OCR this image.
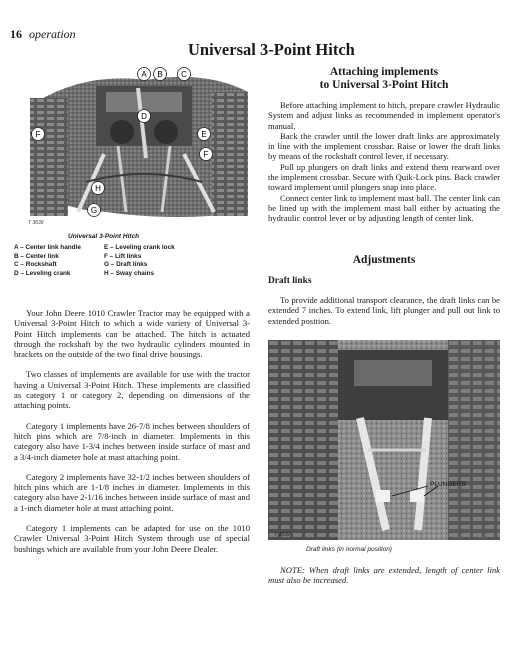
16 operation
Universal 3-Point Hitch
A B C
D
E
F
F
G
H
T 3639
Universal 3-Point Hitch
A – Center link handle
B – Center link
C – Rockshaft
D – Leveling crank
E – Leveling crank lock
F – Lift links
G – Draft links
H – Sway chains

Your John Deere 1010 Crawler Tractor may be equipped with a Universal 3-Point Hitch to which a wide variety of Universal 3-Point Hitch implements can be attached. The hitch is actuated through the rockshaft by the two hydraulic cylinders mounted in brackets on the outside of the two final drive housings.

Two classes of implements are available for use with the tractor having a Universal 3-Point Hitch. These implements are classified as category 1 or category 2, depending on dimensions of the attaching points.

Category 1 implements have 26-7/8 inches between shoulders of hitch pins which are 7/8-inch in diameter. Implements in this category also have 1-3/4 inches between inside surface of mast and a 3/4-inch diameter hole at mast attaching point.

Category 2 implements have 32-1/2 inches between shoulders of hitch pins which are 1-1/8 inches in diameter. Implements in this category also have 2-1/16 inches between inside surface of mast and a 1-inch diameter hole at mast attaching point.

Category 1 implements can be adapted for use on the 1010 Crawler Universal 3-Point Hitch System through use of special bushings which are available from your John Deere Dealer.

Attaching implements
to Universal 3-Point Hitch

Before attaching implement to hitch, prepare crawler Hydraulic System and adjust links as recommended in implement operator's manual.

Back the crawler until the lower draft links are approximately in line with the implement crossbar. Raise or lower the draft links by means of the rockshaft control lever, if necessary.

Pull up plungers on draft links and extend them rearward over the implement crossbar. Secure with Quik-Lock pins. Back crawler toward implement until plungers snap into place.

Connect center link to implement mast ball. The center link can be lined up with the implement mast ball either by actuating the hydraulic control lever or by adjusting length of center link.

Adjustments
Draft links

To provide additional transport clearance, the draft links can be extended 7 inches. To extend link, lift plunger and pull out link to extended position.

PLUNGERS
T 3639
Draft links (in normal position)
NOTE: When draft links are extended, length of center link must also be increased.
